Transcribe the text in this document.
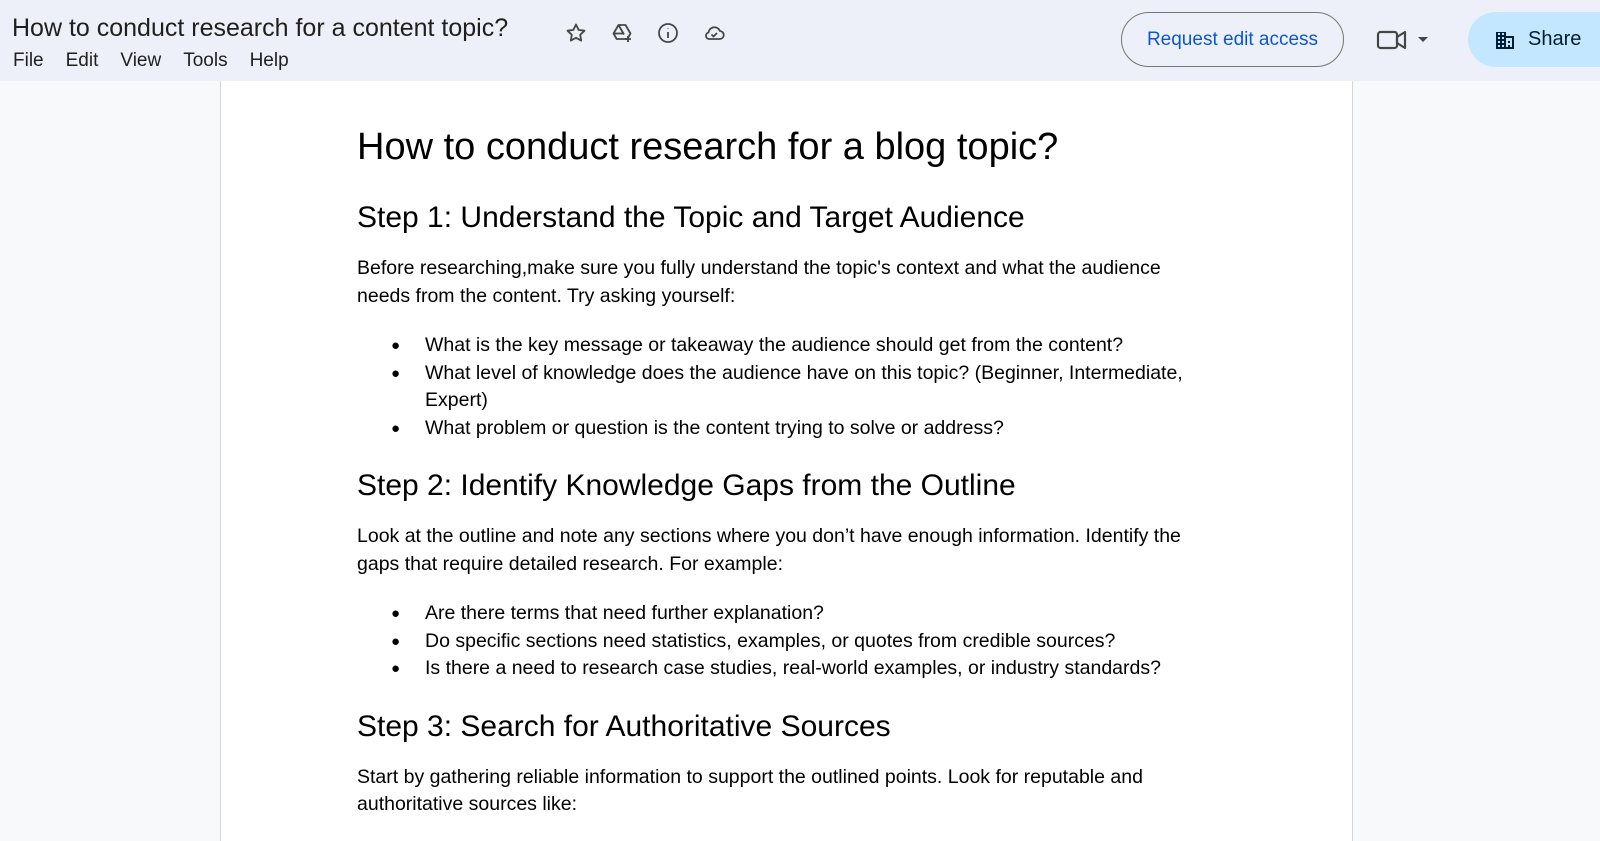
How to conduct research for a content topic?
File	Edit	View	Tools	Help
Request edit access	Share
How to conduct research for a blog topic?
Step 1: Understand the Topic and Target Audience

Before researching,make sure you fully understand the topic's context and what the audience needs from the content. Try asking yourself:

● What is the key message or takeaway the audience should get from the content?
● What level of knowledge does the audience have on this topic? (Beginner, Intermediate, Expert)
● What problem or question is the content trying to solve or address?
Step 2: Identify Knowledge Gaps from the Outline

Look at the outline and note any sections where you don’t have enough information. Identify the gaps that require detailed research. For example:

● Are there terms that need further explanation?
● Do specific sections need statistics, examples, or quotes from credible sources?
● Is there a need to research case studies, real-world examples, or industry standards?
Step 3: Search for Authoritative Sources

Start by gathering reliable information to support the outlined points. Look for reputable and authoritative sources like:
